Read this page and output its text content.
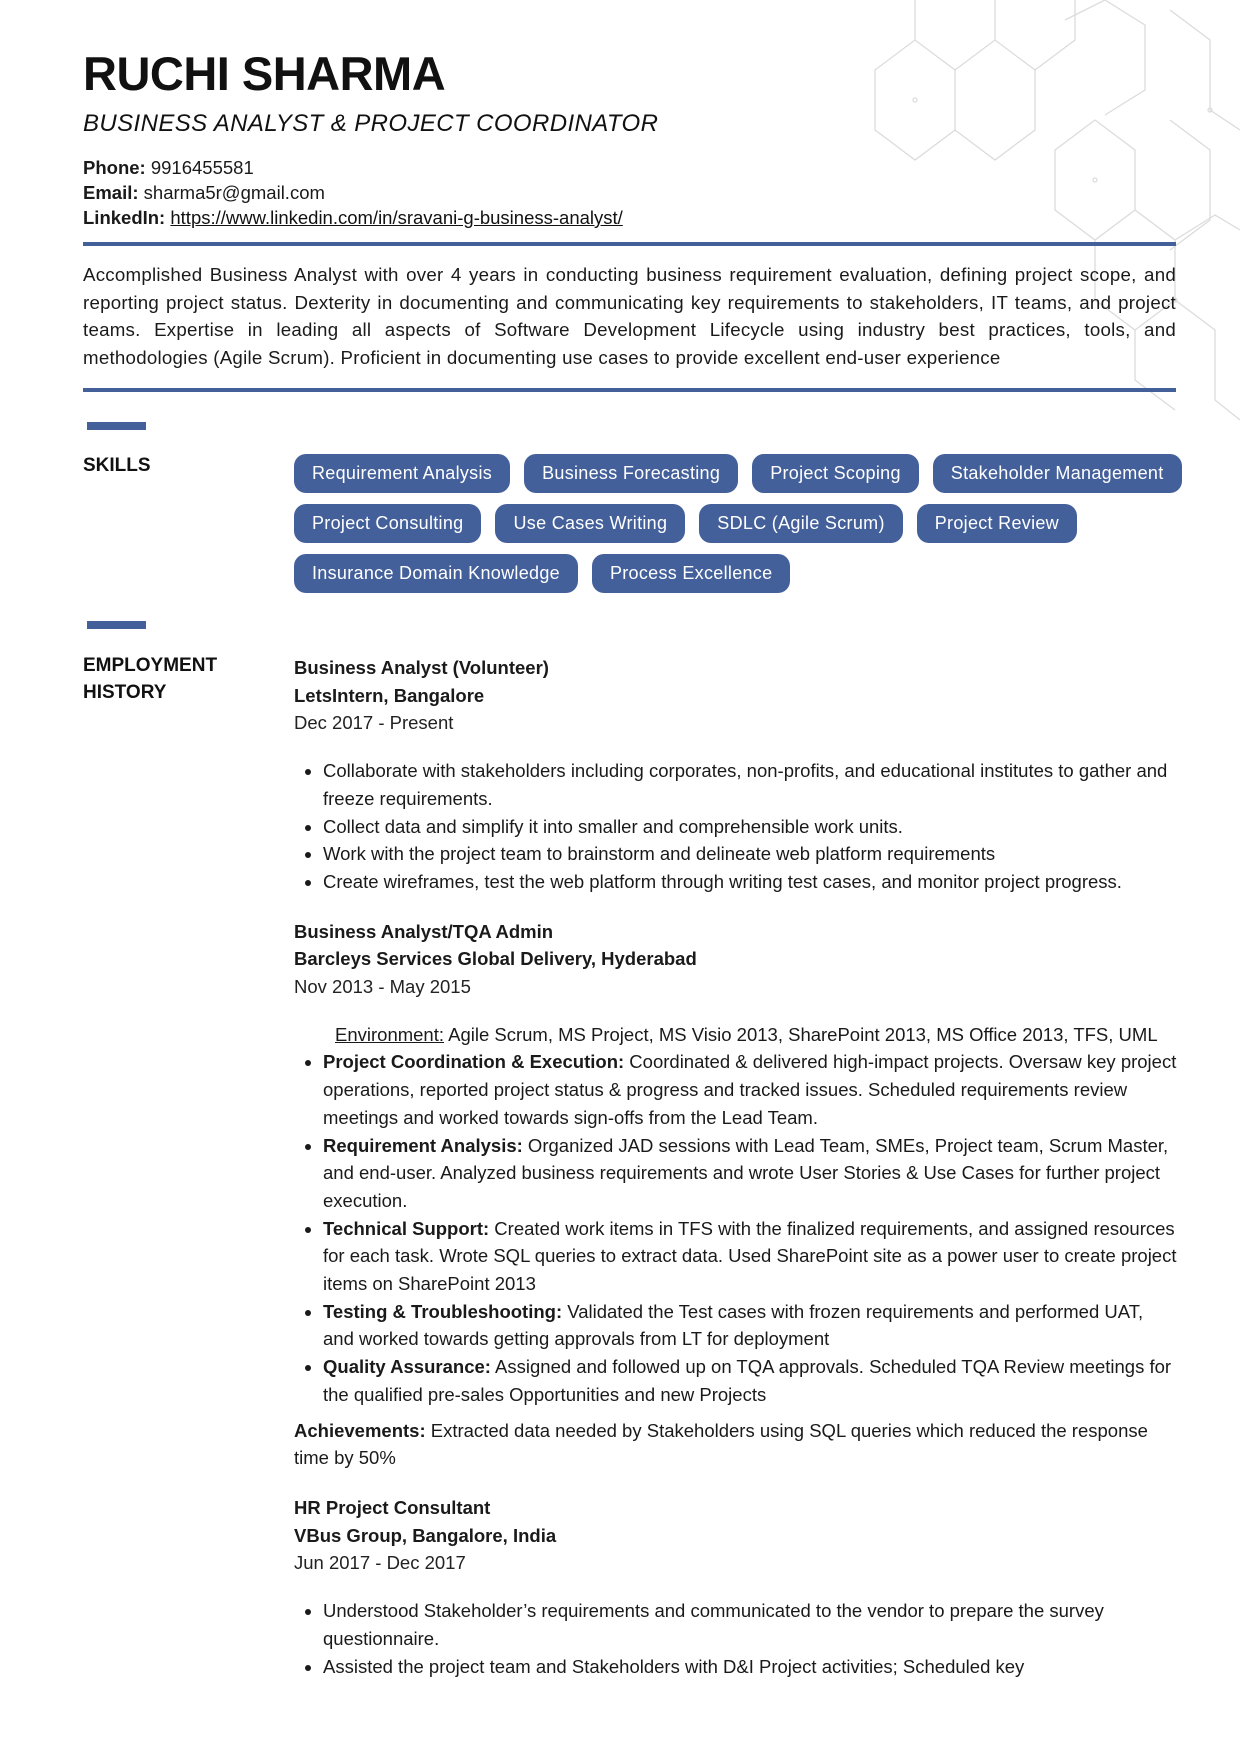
RUCHI SHARMA
BUSINESS ANALYST & PROJECT COORDINATOR
Phone: 9916455581
Email: sharma5r@gmail.com
LinkedIn: https://www.linkedin.com/in/sravani-g-business-analyst/
Accomplished Business Analyst with over 4 years in conducting business requirement evaluation, defining project scope, and reporting project status. Dexterity in documenting and communicating key requirements to stakeholders, IT teams, and project teams. Expertise in leading all aspects of Software Development Lifecycle using industry best practices, tools, and methodologies (Agile Scrum). Proficient in documenting use cases to provide excellent end-user experience
SKILLS	Requirement Analysis	Business Forecasting	Project Scoping	Stakeholder Management
Project Consulting	Use Cases Writing	SDLC (Agile Scrum)	Project Review
Insurance Domain Knowledge	Process Excellence
EMPLOYMENT
HISTORY
Business Analyst (Volunteer)
LetsIntern, Bangalore
Dec 2017 - Present
• Collaborate with stakeholders including corporates, non-profits, and educational institutes to gather and freeze requirements.
• Collect data and simplify it into smaller and comprehensible work units.
• Work with the project team to brainstorm and delineate web platform requirements
• Create wireframes, test the web platform through writing test cases, and monitor project progress.
Business Analyst/TQA Admin
Barcleys Services Global Delivery, Hyderabad
Nov 2013 - May 2015
Environment: Agile Scrum, MS Project, MS Visio 2013, SharePoint 2013, MS Office 2013, TFS, UML
• Project Coordination & Execution: Coordinated & delivered high-impact projects. Oversaw key project operations, reported project status & progress and tracked issues. Scheduled requirements review meetings and worked towards sign-offs from the Lead Team.
• Requirement Analysis: Organized JAD sessions with Lead Team, SMEs, Project team, Scrum Master, and end-user. Analyzed business requirements and wrote User Stories & Use Cases for further project execution.
• Technical Support: Created work items in TFS with the finalized requirements, and assigned resources for each task. Wrote SQL queries to extract data. Used SharePoint site as a power user to create project items on SharePoint 2013
• Testing & Troubleshooting: Validated the Test cases with frozen requirements and performed UAT, and worked towards getting approvals from LT for deployment
• Quality Assurance: Assigned and followed up on TQA approvals. Scheduled TQA Review meetings for the qualified pre-sales Opportunities and new Projects
Achievements: Extracted data needed by Stakeholders using SQL queries which reduced the response time by 50%
HR Project Consultant
VBus Group, Bangalore, India
Jun 2017 - Dec 2017
• Understood Stakeholder’s requirements and communicated to the vendor to prepare the survey questionnaire.
• Assisted the project team and Stakeholders with D&I Project activities; Scheduled key
